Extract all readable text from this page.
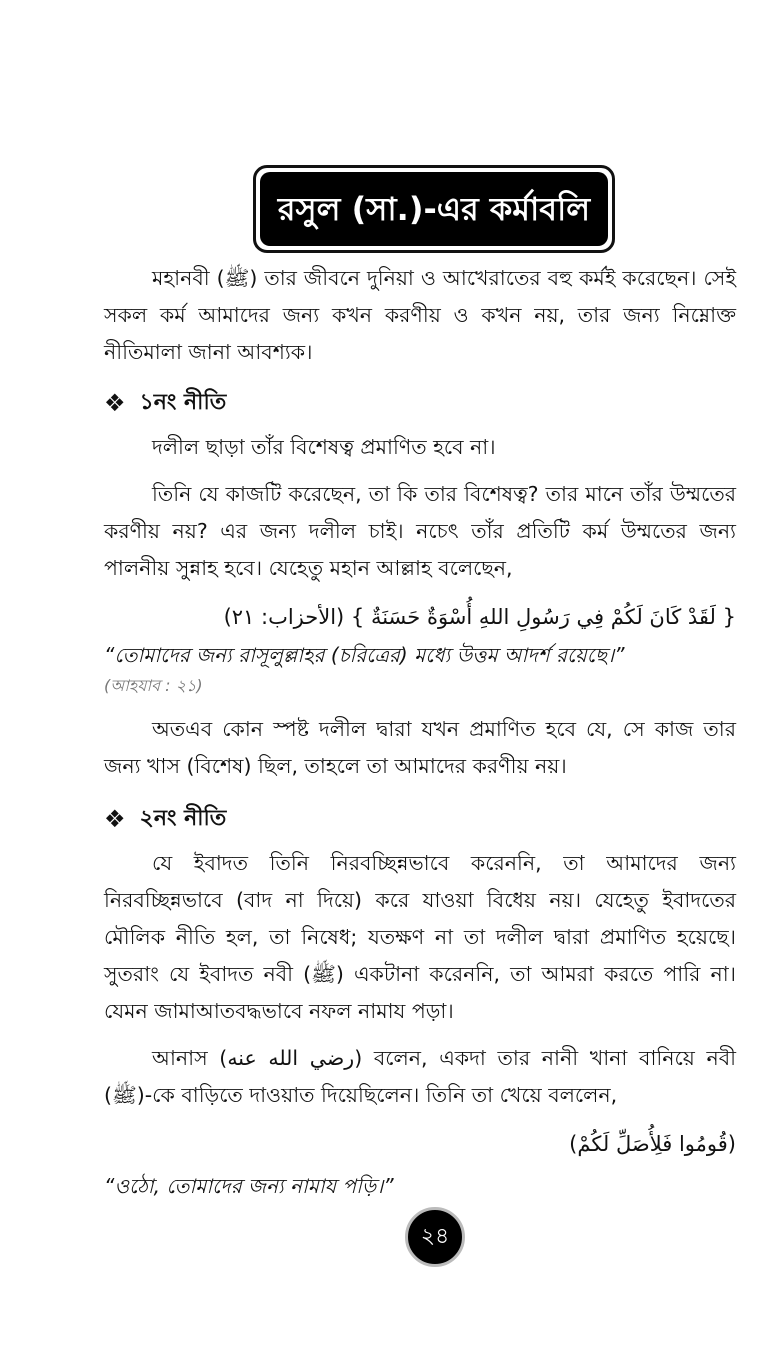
রসুল (সা.)-এর কর্মাবলি

মহানবী (ﷺ) তার জীবনে দুনিয়া ও আখেরাতের বহু কর্মই করেছেন। সেই সকল কর্ম আমাদের জন্য কখন করণীয় ও কখন নয়, তার জন্য নিম্নোক্ত নীতিমালা জানা আবশ্যক।

❖ ১নং নীতি

দলীল ছাড়া তাঁর বিশেষত্ব প্রমাণিত হবে না।

তিনি যে কাজটি করেছেন, তা কি তার বিশেষত্ব? তার মানে তাঁর উম্মতের করণীয় নয়? এর জন্য দলীল চাই। নচেৎ তাঁর প্রতিটি কর্ম উম্মতের জন্য পালনীয় সুন্নাহ হবে। যেহেতু মহান আল্লাহ বলেছেন,

{ لَقَدْ كَانَ لَكُمْ فِي رَسُولِ اللهِ أُسْوَةٌ حَسَنَةٌ } (الأحزاب: ٢١)
“তোমাদের জন্য রাসূলুল্লাহর (চরিত্রের) মধ্যে উত্তম আদর্শ রয়েছে।”
(আহযাব : ২১)

অতএব কোন স্পষ্ট দলীল দ্বারা যখন প্রমাণিত হবে যে, সে কাজ তার জন্য খাস (বিশেষ) ছিল, তাহলে তা আমাদের করণীয় নয়।

❖ ২নং নীতি

যে ইবাদত তিনি নিরবচ্ছিন্নভাবে করেননি, তা আমাদের জন্য নিরবচ্ছিন্নভাবে (বাদ না দিয়ে) করে যাওয়া বিধেয় নয়। যেহেতু ইবাদতের মৌলিক নীতি হল, তা নিষেধ; যতক্ষণ না তা দলীল দ্বারা প্রমাণিত হয়েছে। সুতরাং যে ইবাদত নবী (ﷺ) একটানা করেননি, তা আমরা করতে পারি না। যেমন জামাআতবদ্ধভাবে নফল নামায পড়া।

আনাস (رضي الله عنه) বলেন, একদা তার নানী খানা বানিয়ে নবী (ﷺ)-কে বাড়িতে দাওয়াত দিয়েছিলেন। তিনি তা খেয়ে বললেন,

(قُومُوا فَلِأُصَلِّ لَكُمْ)
“ওঠো, তোমাদের জন্য নামায পড়ি।”
২৪
